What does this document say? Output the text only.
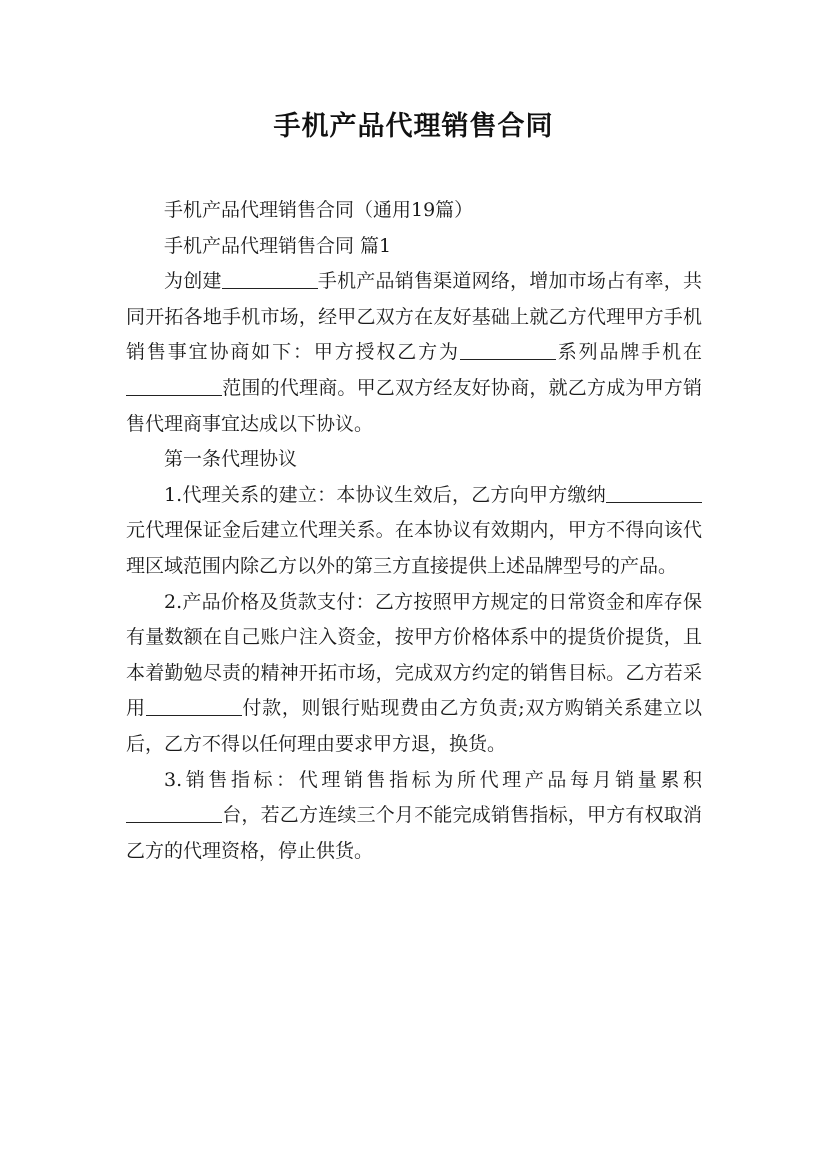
手机产品代理销售合同

手机产品代理销售合同（通用19篇）

手机产品代理销售合同 篇1

为创建	手机产品销售渠道网络，增加市场占有率，共同开拓各地手机市场，经甲乙双方在友好基础上就乙方代理甲方手机销售事宜协商如下：甲方授权乙方为	系列品牌手机在范围的代理商。甲乙双方经友好协商，就乙方成为甲方销售代理商事宜达成以下协议。

第一条代理协议

1.代理关系的建立：本协议生效后，乙方向甲方缴纳元代理保证金后建立代理关系。在本协议有效期内，甲方不得向该代理区域范围内除乙方以外的第三方直接提供上述品牌型号的产品。

2.产品价格及货款支付：乙方按照甲方规定的日常资金和库存保有量数额在自己账户注入资金，按甲方价格体系中的提货价提货，且本着勤勉尽责的精神开拓市场，完成双方约定的销售目标。乙方若采用	付款，则银行贴现费由乙方负责;双方购销关系建立以后，乙方不得以任何理由要求甲方退，换货。

3.销售指标：代理销售指标为所代理产品每月销量累积台，若乙方连续三个月不能完成销售指标，甲方有权取消乙方的代理资格，停止供货。
